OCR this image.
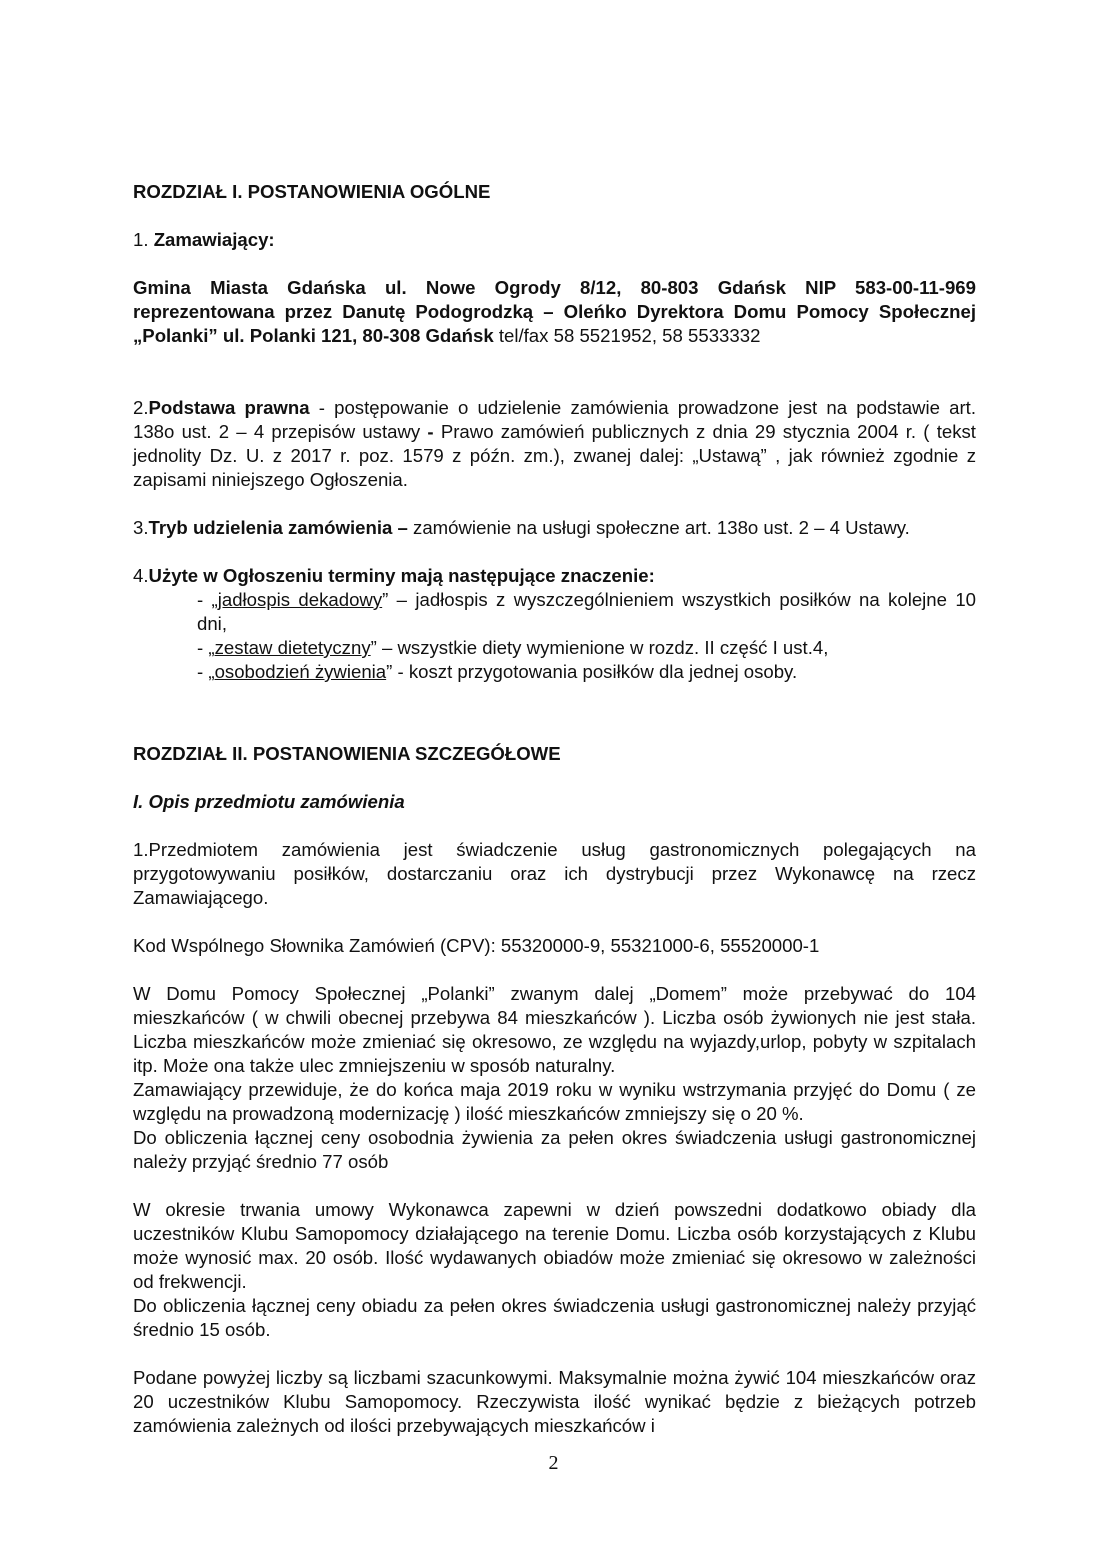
ROZDZIAŁ I. POSTANOWIENIA OGÓLNE

1. Zamawiający:

Gmina Miasta Gdańska ul. Nowe Ogrody 8/12, 80-803 Gdańsk NIP 583-00-11-969 reprezentowana przez Danutę Podogrodzką – Oleńko Dyrektora Domu Pomocy Społecznej „Polanki” ul. Polanki 121, 80-308 Gdańsk tel/fax 58 5521952, 58 5533332

2.Podstawa prawna - postępowanie o udzielenie zamówienia prowadzone jest na podstawie art. 138o ust. 2 – 4 przepisów ustawy - Prawo zamówień publicznych z dnia 29 stycznia 2004 r. ( tekst jednolity Dz. U. z 2017 r. poz. 1579 z późn. zm.), zwanej dalej: „Ustawą” , jak również zgodnie z zapisami niniejszego Ogłoszenia.

3.Tryb udzielenia zamówienia – zamówienie na usługi społeczne art. 138o ust. 2 – 4 Ustawy.

4.Użyte w Ogłoszeniu terminy mają następujące znaczenie:

- „jadłospis dekadowy” – jadłospis z wyszczególnieniem wszystkich posiłków na kolejne 10 dni,

- „zestaw dietetyczny” – wszystkie diety wymienione w rozdz. II część I ust.4,

- „osobodzień żywienia” - koszt przygotowania posiłków dla jednej osoby.

ROZDZIAŁ II. POSTANOWIENIA SZCZEGÓŁOWE

I. Opis przedmiotu zamówienia

1.Przedmiotem zamówienia jest świadczenie usług gastronomicznych polegających na przygotowywaniu posiłków, dostarczaniu oraz ich dystrybucji przez Wykonawcę na rzecz Zamawiającego.

Kod Wspólnego Słownika Zamówień (CPV): 55320000-9, 55321000-6, 55520000-1

W Domu Pomocy Społecznej „Polanki” zwanym dalej „Domem” może przebywać do 104 mieszkańców ( w chwili obecnej przebywa 84 mieszkańców ). Liczba osób żywionych nie jest stała. Liczba mieszkańców może zmieniać się okresowo, ze względu na wyjazdy,urlop, pobyty w szpitalach itp. Może ona także ulec zmniejszeniu w sposób naturalny.

Zamawiający przewiduje, że do końca maja 2019 roku w wyniku wstrzymania przyjęć do Domu ( ze względu na prowadzoną modernizację ) ilość mieszkańców zmniejszy się o 20 %.

Do obliczenia łącznej ceny osobodnia żywienia za pełen okres świadczenia usługi gastronomicznej należy przyjąć średnio 77 osób

W okresie trwania umowy Wykonawca zapewni w dzień powszedni dodatkowo obiady dla uczestników Klubu Samopomocy działającego na terenie Domu. Liczba osób korzystających z Klubu może wynosić max. 20 osób. Ilość wydawanych obiadów może zmieniać się okresowo w zależności od frekwencji.

Do obliczenia łącznej ceny obiadu za pełen okres świadczenia usługi gastronomicznej należy przyjąć średnio 15 osób.

Podane powyżej liczby są liczbami szacunkowymi. Maksymalnie można żywić 104 mieszkańców oraz 20 uczestników Klubu Samopomocy. Rzeczywista ilość wynikać będzie z bieżących potrzeb zamówienia zależnych od ilości przebywających mieszkańców i

2
